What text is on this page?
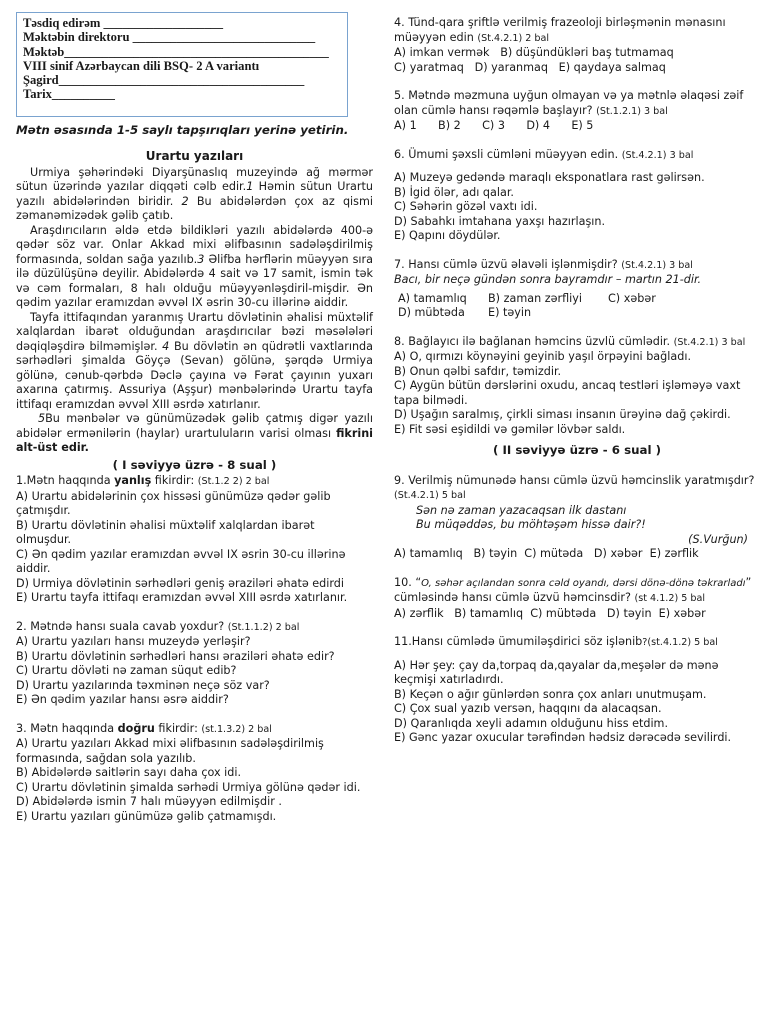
Təsdiq edirəm ___________________
Məktəbin direktoru _____________________________
Məktəb__________________________________________
VIII sinif Azərbaycan dili BSQ- 2 A variantı
Şagird_______________________________________
Tarix__________
Mətn əsasında 1-5 saylı tapşırıqları yerinə yetirin.
Urartu yazıları

Urmiya şəhərindəki Diyarşünaslıq muzeyində ağ mərmər sütun üzərində yazılar diqqəti cəlb edir.1 Həmin sütun Urartu yazılı abidələrindən biridir. 2 Bu abidələrdən çox az qismi zəmanəmizədək gəlib çatıb.

Araşdırıcıların əldə etdə bildikləri yazılı abidələrdə 400-ə qədər söz var. Onlar Akkad mixi əlifbasının sadələşdirilmiş formasında, soldan sağa yazılıb.3 Əlifba hərflərin müəyyən sıra ilə düzülüşünə deyilir. Abidələrdə 4 sait və 17 samit, ismin tək və cəm formaları, 8 halı olduğu müəyyənləşdiril-mişdir. Ən qədim yazılar eramızdan əvvəl IX əsrin 30-cu illərinə aiddir.

Tayfa ittifaqından yaranmış Urartu dövlətinin əhalisi müxtəlif xalqlardan ibarət olduğundan araşdırıcılar bəzi məsələləri dəqiqləşdirə bilməmişlər. 4 Bu dövlətin ən qüdrətli vaxtlarında sərhədləri şimalda Göyçə (Sevan) gölünə, şərqdə Urmiya gölünə, cənub-qərbdə Dəclə çayına və Fərat çayının yuxarı axarına çatırmış. Assuriya (Aşşur) mənbələrində Urartu tayfa ittifaqı eramızdan əvvəl XIII əsrdə xatırlanır.

5Bu mənbələr və günümüzədək gəlib çatmış digər yazılı abidələr ermənilərin (haylar) urartuluların varisi olması fikrini alt-üst edir.

( I səviyyə üzrə - 8 sual )

1.Mətn haqqında yanlış fikirdir: (St.1.2 2) 2 bal

A) Urartu abidələrinin çox hissəsi günümüzə qədər gəlib çatmışdır.

B) Urartu dövlətinin əhalisi müxtəlif xalqlardan ibarət olmuşdur.

C) Ən qədim yazılar eramızdan əvvəl IX əsrin 30-cu illərinə aiddir.

D) Urmiya dövlətinin sərhədləri geniş əraziləri əhatə edirdi

E) Urartu tayfa ittifaqı eramızdan əvvəl XIII əsrdə xatırlanır.

2. Mətndə hansı suala cavab yoxdur? (St.1.1.2) 2 bal

A) Urartu yazıları hansı muzeydə yerləşir?

B) Urartu dövlətinin sərhədləri hansı əraziləri əhatə edir?

C) Urartu dövləti nə zaman süqut edib?

D) Urartu yazılarında təxminən neçə söz var?

E) Ən qədim yazılar hansı əsrə aiddir?

3. Mətn haqqında doğru fikirdir: (st.1.3.2) 2 bal

A) Urartu yazıları Akkad mixi əlifbasının sadələşdirilmiş formasında, sağdan sola yazılıb.

B) Abidələrdə saitlərin sayı daha çox idi.

C) Urartu dövlətinin şimalda sərhədi Urmiya gölünə qədər idi.

D) Abidələrdə ismin 7 halı müəyyən edilmişdir .

E) Urartu yazıları günümüzə gəlib çatmamışdı.

4. Tünd-qara şriftlə verilmiş frazeoloji birləşmənin mənasını müəyyən edin (St.4.2.1) 2 bal

A) imkan vermək B) düşündükləri baş tutmamaq

C) yaratmaq D) yaranmaq E) qaydaya salmaq

5. Mətndə məzmuna uyğun olmayan və ya mətnlə əlaqəsi zəif olan cümlə hansı rəqəmlə başlayır? (St.1.2.1) 3 bal

A) 1 B) 2 C) 3 D) 4 E) 5

6. Ümumi şəxsli cümləni müəyyən edin. (St.4.2.1) 3 bal

A) Muzeyə gedəndə maraqlı eksponatlara rast gəlirsən.

B) İgid ölər, adı qalar.

C) Səhərin gözəl vaxtı idi.

D) Sabahkı imtahana yaxşı hazırlaşın.

E) Qapını döydülər.

7. Hansı cümlə üzvü əlavəli işlənmişdir? (St.4.2.1) 3 bal

Bacı, bir neçə gündən sonra bayramdır – martın 21-dir.

A) tamamlıq	B) zaman zərfliyi	C) xəbər
D) mübtəda	E) təyin

8. Bağlayıcı ilə bağlanan həmcins üzvlü cümlədir. (St.4.2.1) 3 bal

A) O, qırmızı köynəyini geyinib yaşıl örpəyini bağladı.

B) Onun qəlbi safdır, təmizdir.

C) Aygün bütün dərslərini oxudu, ancaq testləri işləməyə vaxt tapa bilmədi.

D) Uşağın saralmış, çirkli siması insanın ürəyinə dağ çəkirdi.

E) Fit səsi eşidildi və gəmilər lövbər saldı.

( II səviyyə üzrə - 6 sual )

9. Verilmiş nümunədə hansı cümlə üzvü həmcinslik yaratmışdır? (St.4.2.1) 5 bal

Sən nə zaman yazacaqsan ilk dastanı

Bu müqəddəs, bu möhtəşəm hissə dair?!

(S.Vurğun)

A) tamamlıq B) təyin C) mütədа D) xəbər E) zərflik

10. “O, səhər açılandan sonra cəld oyandı, dərsi dönə-dönə təkrarladı” cümləsində hansı cümlə üzvü həmcinsdir? (st 4.1.2) 5 bal

A) zərflik B) tamamlıq C) mübtəda D) təyin E) xəbər

11.Hansı cümlədə ümumiləşdirici söz işlənib?(st.4.1.2) 5 bal

A) Hər şey: çay da,torpaq da,qayalar da,meşələr də mənə keçmişi xatırladırdı.

B) Keçən o ağır günlərdən sonra çox anları unutmuşam.

C) Çox sual yazıb versən, haqqını da alacaqsan.

D) Qaranlıqda xeyli adamın olduğunu hiss etdim.

E) Gənc yazar oxucular tərəfindən hədsiz dərəcədə sevilirdi.
